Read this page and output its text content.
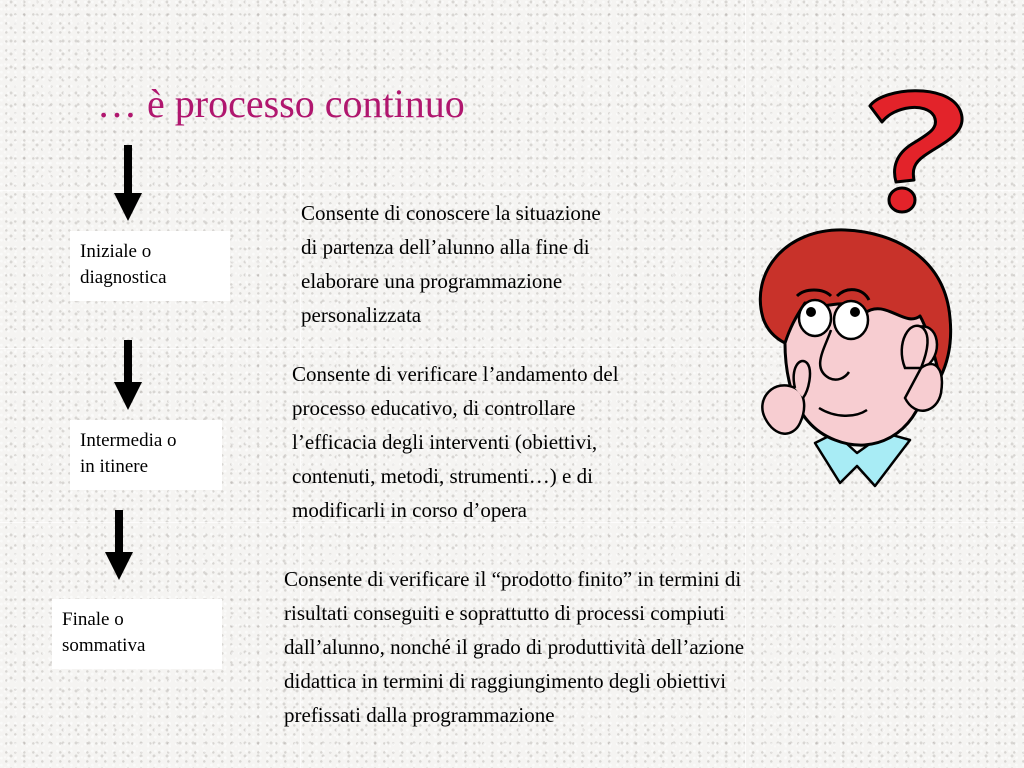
… è processo continuo
Iniziale o
diagnostica
Intermedia o
in itinere
Finale o
sommativa
Consente di conoscere la situazione
di partenza dell’alunno alla fine di
elaborare una programmazione
personalizzata
Consente di verificare l’andamento del
processo educativo, di controllare
l’efficacia degli interventi (obiettivi,
contenuti, metodi, strumenti…) e di
modificarli in corso d’opera
Consente di verificare il “prodotto finito” in termini di
risultati conseguiti e soprattutto di processi compiuti
dall’alunno, nonché il grado di produttività dell’azione
didattica in termini di raggiungimento degli obiettivi
prefissati dalla programmazione
